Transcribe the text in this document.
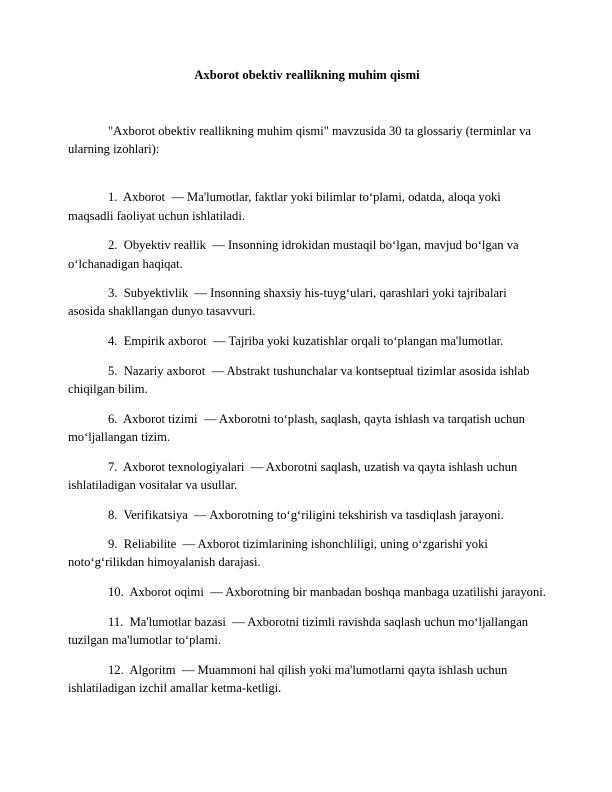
Axborot obektiv reallikning muhim qismi

"Axborot obektiv reallikning muhim qismi" mavzusida 30 ta glossariy (terminlar va ularning izohlari):

1.  Axborot  — Ma'lumotlar, faktlar yoki bilimlar toʻplami, odatda, aloqa yoki maqsadli faoliyat uchun ishlatiladi.

2.  Obyektiv reallik  — Insonning idrokidan mustaqil boʻlgan, mavjud boʻlgan va oʻlchanadigan haqiqat.

3.  Subyektivlik  — Insonning shaxsiy his-tuygʻulari, qarashlari yoki tajribalari asosida shakllangan dunyo tasavvuri.

4.  Empirik axborot  — Tajriba yoki kuzatishlar orqali toʻplangan ma'lumotlar.

5.  Nazariy axborot  — Abstrakt tushunchalar va kontseptual tizimlar asosida ishlab chiqilgan bilim.

6.  Axborot tizimi  — Axborotni toʻplash, saqlash, qayta ishlash va tarqatish uchun moʻljallangan tizim.

7.  Axborot texnologiyalari  — Axborotni saqlash, uzatish va qayta ishlash uchun ishlatiladigan vositalar va usullar.

8.  Verifikatsiya  — Axborotning toʻgʻriligini tekshirish va tasdiqlash jarayoni.

9.  Reliabilite  — Axborot tizimlarining ishonchliligi, uning oʻzgarishi yoki notoʻgʻrilikdan himoyalanish darajasi.

10.  Axborot oqimi  — Axborotning bir manbadan boshqa manbaga uzatilishi jarayoni.

11.  Ma'lumotlar bazasi  — Axborotni tizimli ravishda saqlash uchun moʻljallangan tuzilgan ma'lumotlar toʻplami.

12.  Algoritm  — Muammoni hal qilish yoki ma'lumotlarni qayta ishlash uchun ishlatiladigan izchil amallar ketma-ketligi.
